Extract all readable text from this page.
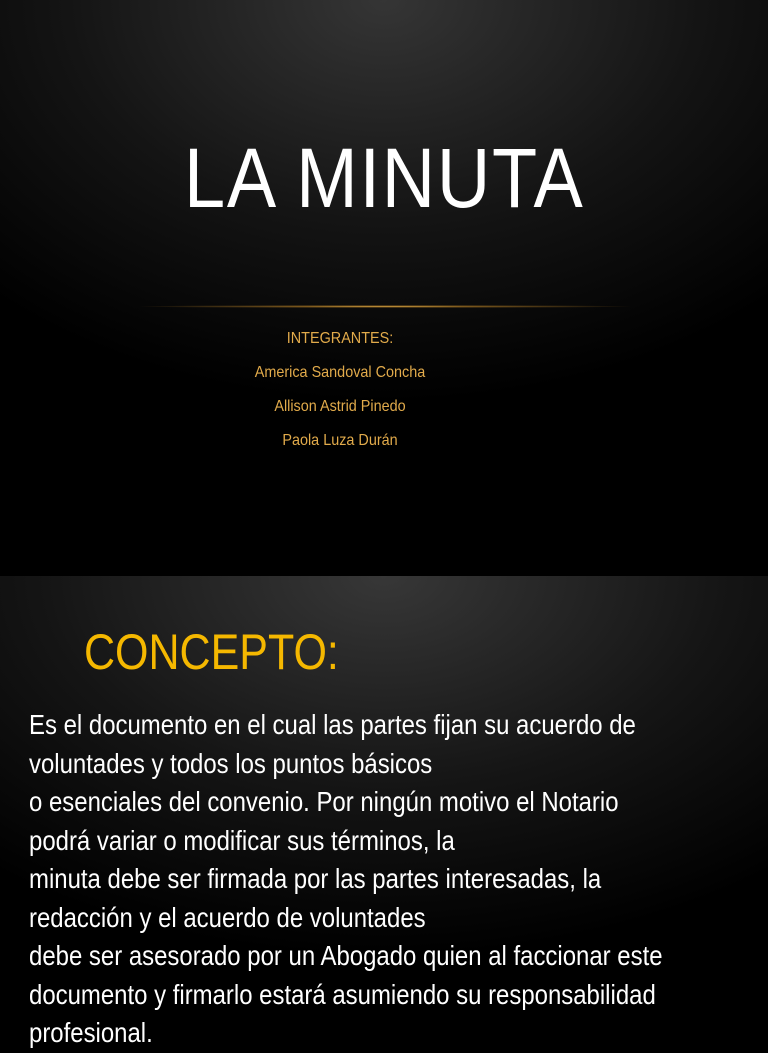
LA MINUTA
INTEGRANTES:
America Sandoval Concha
Allison Astrid Pinedo
Paola Luza Durán
CONCEPTO:
Es el documento en el cual las partes fijan su acuerdo de
voluntades y todos los puntos básicos
o esenciales del convenio. Por ningún motivo el Notario
podrá variar o modificar sus términos, la
minuta debe ser firmada por las partes interesadas, la
redacción y el acuerdo de voluntades
debe ser asesorado por un Abogado quien al faccionar este
documento y firmarlo estará asumiendo su responsabilidad
profesional.
